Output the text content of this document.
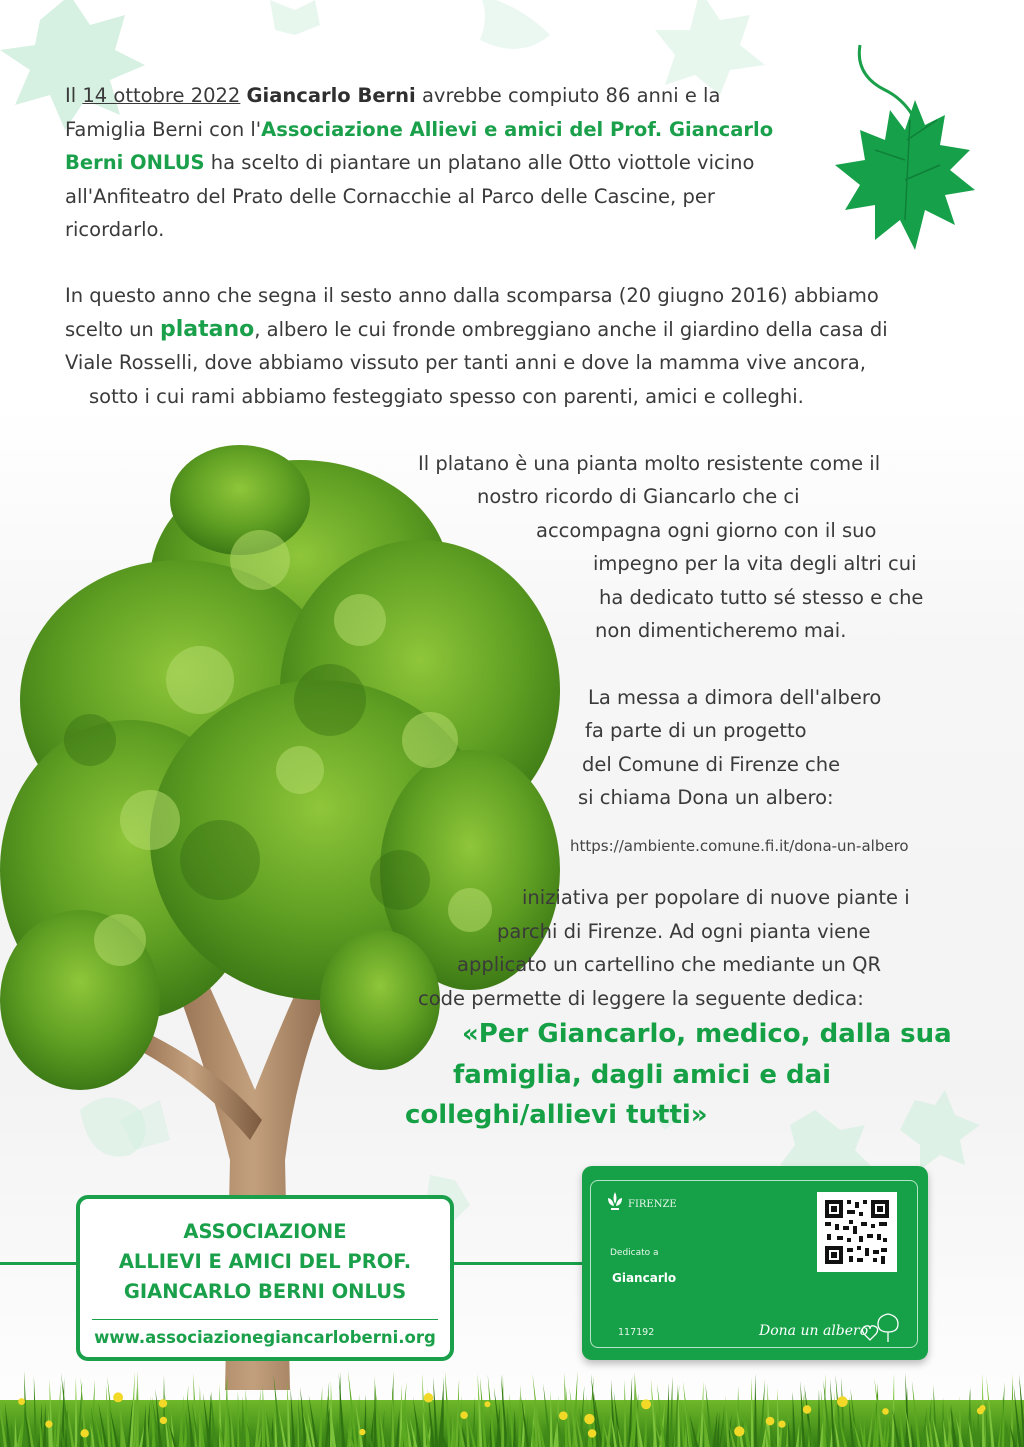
Il 14 ottobre 2022 Giancarlo Berni avrebbe compiuto 86 anni e la Famiglia Berni con l'Associazione Allievi e amici del Prof. Giancarlo Berni ONLUS ha scelto di piantare un platano alle Otto viottole vicino all'Anfiteatro del Prato delle Cornacchie al Parco delle Cascine, per ricordarlo.

In questo anno che segna il sesto anno dalla scomparsa (20 giugno 2016) abbiamo scelto un platano, albero le cui fronde ombreggiano anche il giardino della casa di Viale Rosselli, dove abbiamo vissuto per tanti anni e dove la mamma vive ancora,

sotto i cui rami abbiamo festeggiato spesso con parenti, amici e colleghi.

Il platano è una pianta molto resistente come il

nostro ricordo di Giancarlo che ci

accompagna ogni giorno con il suo

impegno per la vita degli altri cui

ha dedicato tutto sé stesso e che

non dimenticheremo mai.

La messa a dimora dell'albero

fa parte di un progetto

del Comune di Firenze che

si chiama Dona un albero:

https://ambiente.comune.fi.it/dona-un-albero

iniziativa per popolare di nuove piante i

parchi di Firenze. Ad ogni pianta viene

applicato un cartellino che mediante un QR

code permette di leggere la seguente dedica:

«Per Giancarlo, medico, dalla sua
famiglia, dagli amici e dai
colleghi/allievi tutti»
ASSOCIAZIONE
ALLIEVI E AMICI DEL PROF.
GIANCARLO BERNI ONLUS
www.associazionegiancarloberni.org
FIRENZE
Dedicato a
Giancarlo
117192	Dona un albero
